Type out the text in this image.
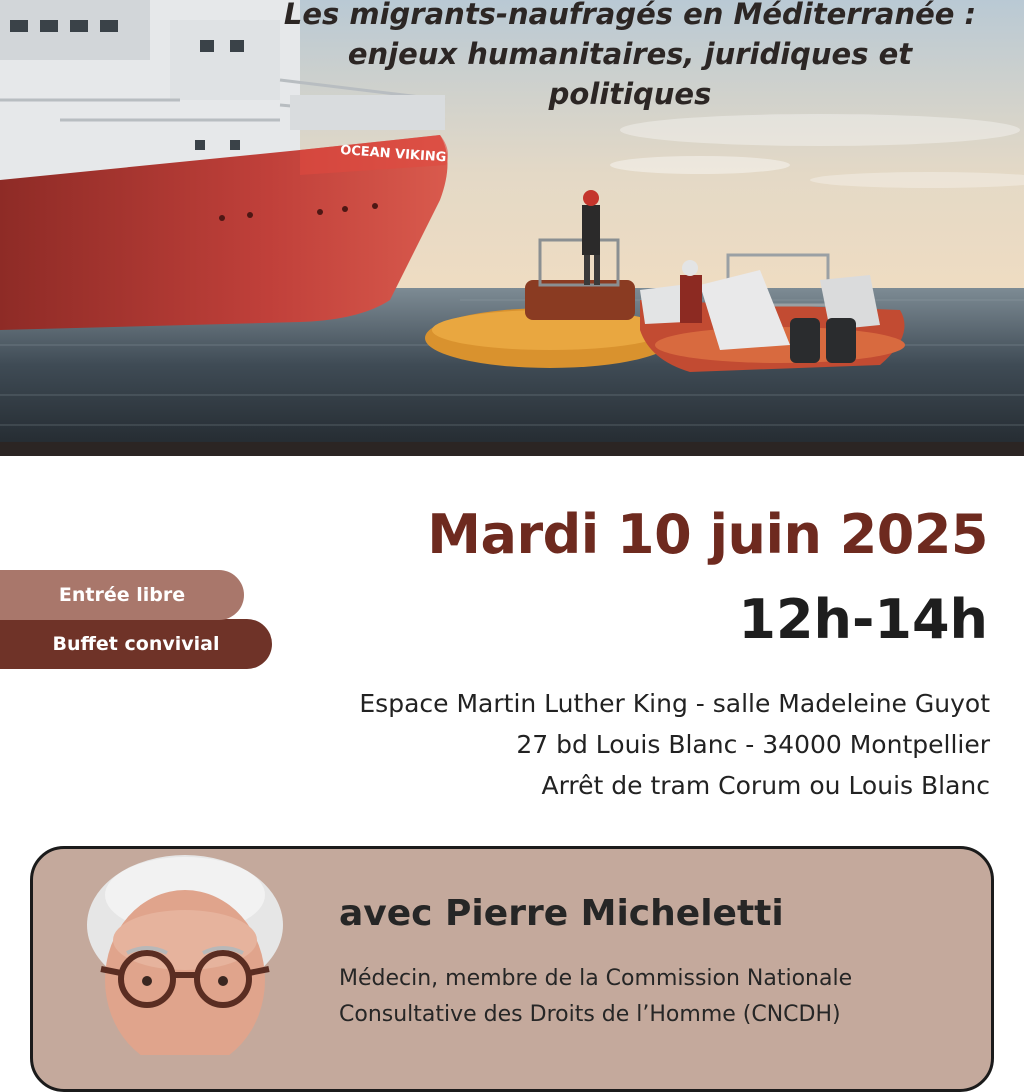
OCEAN VIKING
Les migrants-naufragés en Méditerranée :
enjeux humanitaires, juridiques et
politiques
Mardi 10 juin 2025
12h-14h
Entrée libre
Buffet convivial
Espace Martin Luther King - salle Madeleine Guyot
27 bd Louis Blanc - 34000 Montpellier
Arrêt de tram Corum ou Louis Blanc
avec Pierre Micheletti
Médecin, membre de la Commission Nationale
Consultative des Droits de l’Homme (CNCDH)
